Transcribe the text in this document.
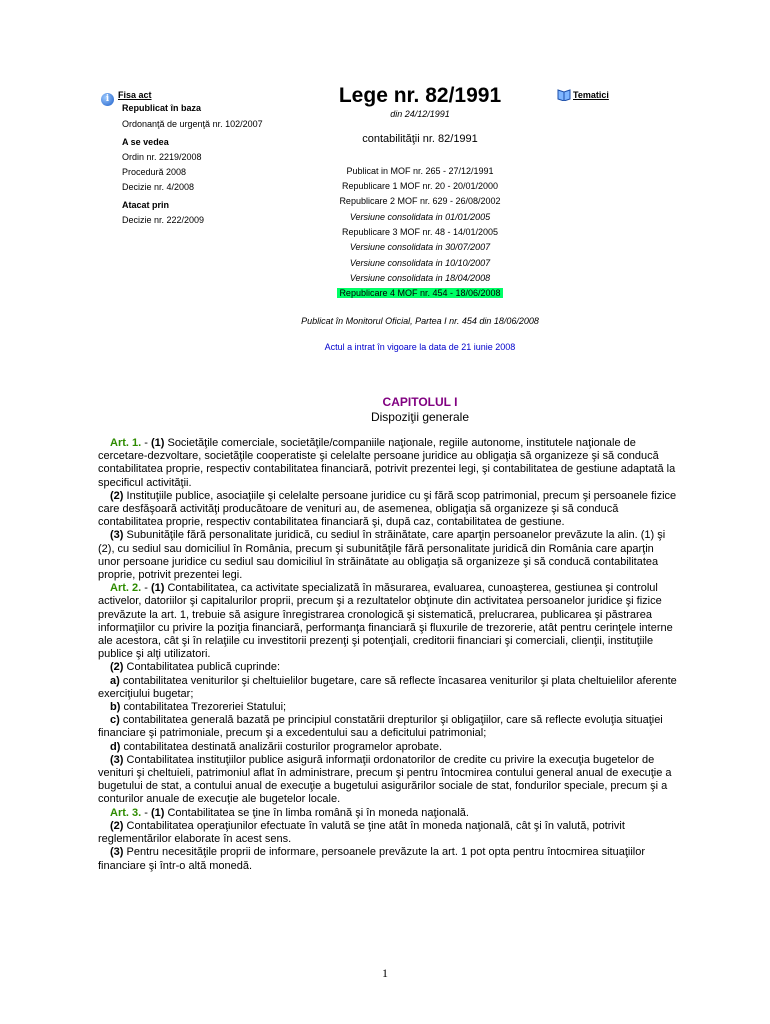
i Fisa act
Republicat în baza
Ordonanţă de urgenţă nr. 102/2007
A se vedea
Ordin nr. 2219/2008
Procedură 2008
Decizie nr. 4/2008
Atacat prin
Decizie nr. 222/2009
Lege nr. 82/1991
din 24/12/1991
contabilităţii nr. 82/1991
Publicat in MOF nr. 265 - 27/12/1991
Republicare 1 MOF nr. 20 - 20/01/2000
Republicare 2 MOF nr. 629 - 26/08/2002
Versiune consolidata in 01/01/2005
Republicare 3 MOF nr. 48 - 14/01/2005
Versiune consolidata in 30/07/2007
Versiune consolidata in 10/10/2007
Versiune consolidata in 18/04/2008
Republicare 4 MOF nr. 454 - 18/06/2008
Publicat în Monitorul Oficial, Partea I nr. 454 din 18/06/2008
Actul a intrat în vigoare la data de 21 iunie 2008
Tematici
CAPITOLUL I
Dispoziţii generale

Art. 1. - (1) Societăţile comerciale, societăţile/companiile naţionale, regiile autonome, institutele naţionale de cercetare-dezvoltare, societăţile cooperatiste şi celelalte persoane juridice au obligaţia să organizeze şi să conducă contabilitatea proprie, respectiv contabilitatea financiară, potrivit prezentei legi, şi contabilitatea de gestiune adaptată la specificul activităţii.

(2) Instituţiile publice, asociaţiile şi celelalte persoane juridice cu şi fără scop patrimonial, precum şi persoanele fizice care desfăşoară activităţi producătoare de venituri au, de asemenea, obligaţia să organizeze şi să conducă contabilitatea proprie, respectiv contabilitatea financiară şi, după caz, contabilitatea de gestiune.

(3) Subunităţile fără personalitate juridică, cu sediul în străinătate, care aparţin persoanelor prevăzute la alin. (1) şi (2), cu sediul sau domiciliul în România, precum şi subunităţile fără personalitate juridică din România care aparţin unor persoane juridice cu sediul sau domiciliul în străinătate au obligaţia să organizeze şi să conducă contabilitatea proprie, potrivit prezentei legi.

Art. 2. - (1) Contabilitatea, ca activitate specializată în măsurarea, evaluarea, cunoaşterea, gestiunea şi controlul activelor, datoriilor şi capitalurilor proprii, precum şi a rezultatelor obţinute din activitatea persoanelor juridice şi fizice prevăzute la art. 1, trebuie să asigure înregistrarea cronologică şi sistematică, prelucrarea, publicarea şi păstrarea informaţiilor cu privire la poziţia financiară, performanţa financiară şi fluxurile de trezorerie, atât pentru cerinţele interne ale acestora, cât şi în relaţiile cu investitorii prezenţi şi potenţiali, creditorii financiari şi comerciali, clienţii, instituţiile publice şi alţi utilizatori.

(2) Contabilitatea publică cuprinde:

a) contabilitatea veniturilor şi cheltuielilor bugetare, care să reflecte încasarea veniturilor şi plata cheltuielilor aferente exerciţiului bugetar;

b) contabilitatea Trezoreriei Statului;

c) contabilitatea generală bazată pe principiul constatării drepturilor şi obligaţiilor, care să reflecte evoluţia situaţiei financiare şi patrimoniale, precum şi a excedentului sau a deficitului patrimonial;

d) contabilitatea destinată analizării costurilor programelor aprobate.

(3) Contabilitatea instituţiilor publice asigură informaţii ordonatorilor de credite cu privire la execuţia bugetelor de venituri şi cheltuieli, patrimoniul aflat în administrare, precum şi pentru întocmirea contului general anual de execuţie a bugetului de stat, a contului anual de execuţie a bugetului asigurărilor sociale de stat, fondurilor speciale, precum şi a conturilor anuale de execuţie ale bugetelor locale.

Art. 3. - (1) Contabilitatea se ţine în limba română şi în moneda naţională.

(2) Contabilitatea operaţiunilor efectuate în valută se ţine atât în moneda naţională, cât şi în valută, potrivit reglementărilor elaborate în acest sens.

(3) Pentru necesităţile proprii de informare, persoanele prevăzute la art. 1 pot opta pentru întocmirea situaţiilor financiare şi într-o altă monedă.

1
